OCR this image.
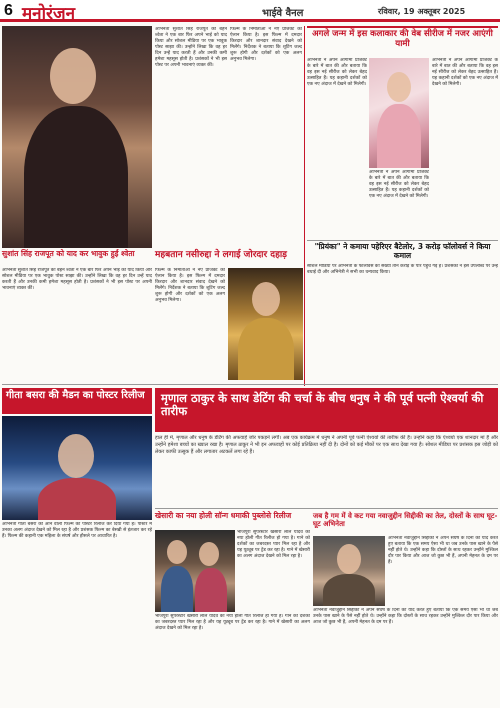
6 मनोरंजन	भाईवे वैनल	रविवार, 19 अक्तूबर 2025
अभिनेता सुशांत सिंह राजपूत की बहन श्वेता ने एक बार फिर अपने भाई को याद किया और सोशल मीडिया पर एक भावुक पोस्ट साझा की। उन्होंने लिखा कि वह हर दिन उन्हें याद करती हैं और उनकी कमी हमेशा महसूस होती है। प्रशंसकों ने भी इस पोस्ट पर अपनी भावनाएं व्यक्त कीं।
फिल्म के निर्माताओं ने नए प्रोजेक्ट का ऐलान किया है। इस फिल्म में दमदार किरदार और शानदार संवाद देखने को मिलेंगे। निर्देशक ने बताया कि शूटिंग जल्द शुरू होगी और दर्शकों को एक अलग अनुभव मिलेगा।
अगले जन्म में इस कलाकार की वेब सीरीज में नजर आएंगी यामी
अभिनेत्री ने अपने आगामी प्रोजेक्ट के बारे में बात की और बताया कि वह इस नई सीरीज को लेकर बेहद उत्साहित हैं। यह कहानी दर्शकों को एक नए अंदाज में देखने को मिलेगी।
अभिनेत्री ने अपने आगामी प्रोजेक्ट के बारे में बात की और बताया कि वह इस नई सीरीज को लेकर बेहद उत्साहित हैं। यह कहानी दर्शकों को एक नए अंदाज में देखने को मिलेगी।
अभिनेत्री ने अपने आगामी प्रोजेक्ट के बारे में बात की और बताया कि वह इस नई सीरीज को लेकर बेहद उत्साहित हैं। यह कहानी दर्शकों को एक नए अंदाज में देखने को मिलेगी।
"प्रियंका" ने कमाया पहेरिएर बैटेलोर, 3 करोड़ फॉलोवर्स ने किया कमाल
सोशल मीडिया पर अभिनेत्री के फॉलोवर्स की संख्या तीन करोड़ के पार पहुंच गई है। प्रशंसकों ने इस उपलब्धि पर उन्हें बधाई दी और अभिनेत्री ने सभी का धन्यवाद किया।
सुशांत सिंह राजपूत को याद कर भावुक हुईं श्वेता
अभिनेता सुशांत सिंह राजपूत की बहन श्वेता ने एक बार फिर अपने भाई को याद किया और सोशल मीडिया पर एक भावुक पोस्ट साझा की। उन्होंने लिखा कि वह हर दिन उन्हें याद करती हैं और उनकी कमी हमेशा महसूस होती है। प्रशंसकों ने भी इस पोस्ट पर अपनी भावनाएं व्यक्त कीं।
महबतान नसीरुद्दा ने लगाई जोरदार दहाड़
फिल्म के निर्माताओं ने नए प्रोजेक्ट का ऐलान किया है। इस फिल्म में दमदार किरदार और शानदार संवाद देखने को मिलेंगे। निर्देशक ने बताया कि शूटिंग जल्द शुरू होगी और दर्शकों को एक अलग अनुभव मिलेगा।
गीता बसरा की मैडन का पोस्टर रिलीज
अभिनेत्री गीता बसरा की आने वाली फिल्म का पोस्टर रिलीज कर दिया गया है। पोस्टर में उनका अलग अंदाज देखने को मिल रहा है और प्रशंसक फिल्म का बेसब्री से इंतजार कर रहे हैं। फिल्म की कहानी एक महिला के संघर्ष और हौसले पर आधारित है।
मृणाल ठाकुर के साथ डेटिंग की चर्चा के बीच धनुष ने की पूर्व पत्नी ऐश्वर्या की तारीफ
हाल ही में, मृणाल और धनुष के डेटिंग की अफवाहें जोर पकड़ने लगीं। अब एक कार्यक्रम में धनुष ने अपनी पूर्व पत्नी ऐश्वर्या की तारीफ की है। उन्होंने कहा कि ऐश्वर्या एक शानदार मां हैं और उन्होंने हमेशा बच्चों का ख्याल रखा है। मृणाल ठाकुर ने भी इन अफवाहों पर कोई प्रतिक्रिया नहीं दी है। दोनों को कई मौकों पर एक साथ देखा गया है। सोशल मीडिया पर प्रशंसक इस जोड़ी को लेकर काफी उत्सुक हैं और लगातार अटकलें लगा रहे हैं।
खेसारी का नया होली सॉन्ग धमाकी पुब्लोसे रिलीज
भोजपुरी सुपरस्टार खेसारी लाल यादव का नया होली गीत रिलीज हो गया है। गाने को दर्शकों का जबरदस्त प्यार मिल रहा है और यह यूट्यूब पर ट्रेंड कर रहा है। गाने में खेसारी का अलग अंदाज देखने को मिल रहा है।
भोजपुरी सुपरस्टार खेसारी लाल यादव का नया होली गीत रिलीज हो गया है। गाने को दर्शकों का जबरदस्त प्यार मिल रहा है और यह यूट्यूब पर ट्रेंड कर रहा है। गाने में खेसारी का अलग अंदाज देखने को मिल रहा है।
जब है गम में वे कट गया नवाजुद्दीन सिद्दीकी का तेल, दोस्तों के साथ घूट-घूट अभिनेता
अभिनेता नवाजुद्दीन सिद्दीकी ने अपने संघर्ष के दिनों को याद करते हुए बताया कि एक समय ऐसा भी था जब उनके पास खाने के पैसे नहीं होते थे। उन्होंने कहा कि दोस्तों के साथ रहकर उन्होंने मुश्किल दौर पार किया और आज जो कुछ भी हैं, अपनी मेहनत के दम पर हैं।
अभिनेता नवाजुद्दीन सिद्दीकी ने अपने संघर्ष के दिनों को याद करते हुए बताया कि एक समय ऐसा भी था जब उनके पास खाने के पैसे नहीं होते थे। उन्होंने कहा कि दोस्तों के साथ रहकर उन्होंने मुश्किल दौर पार किया और आज जो कुछ भी हैं, अपनी मेहनत के दम पर हैं।
